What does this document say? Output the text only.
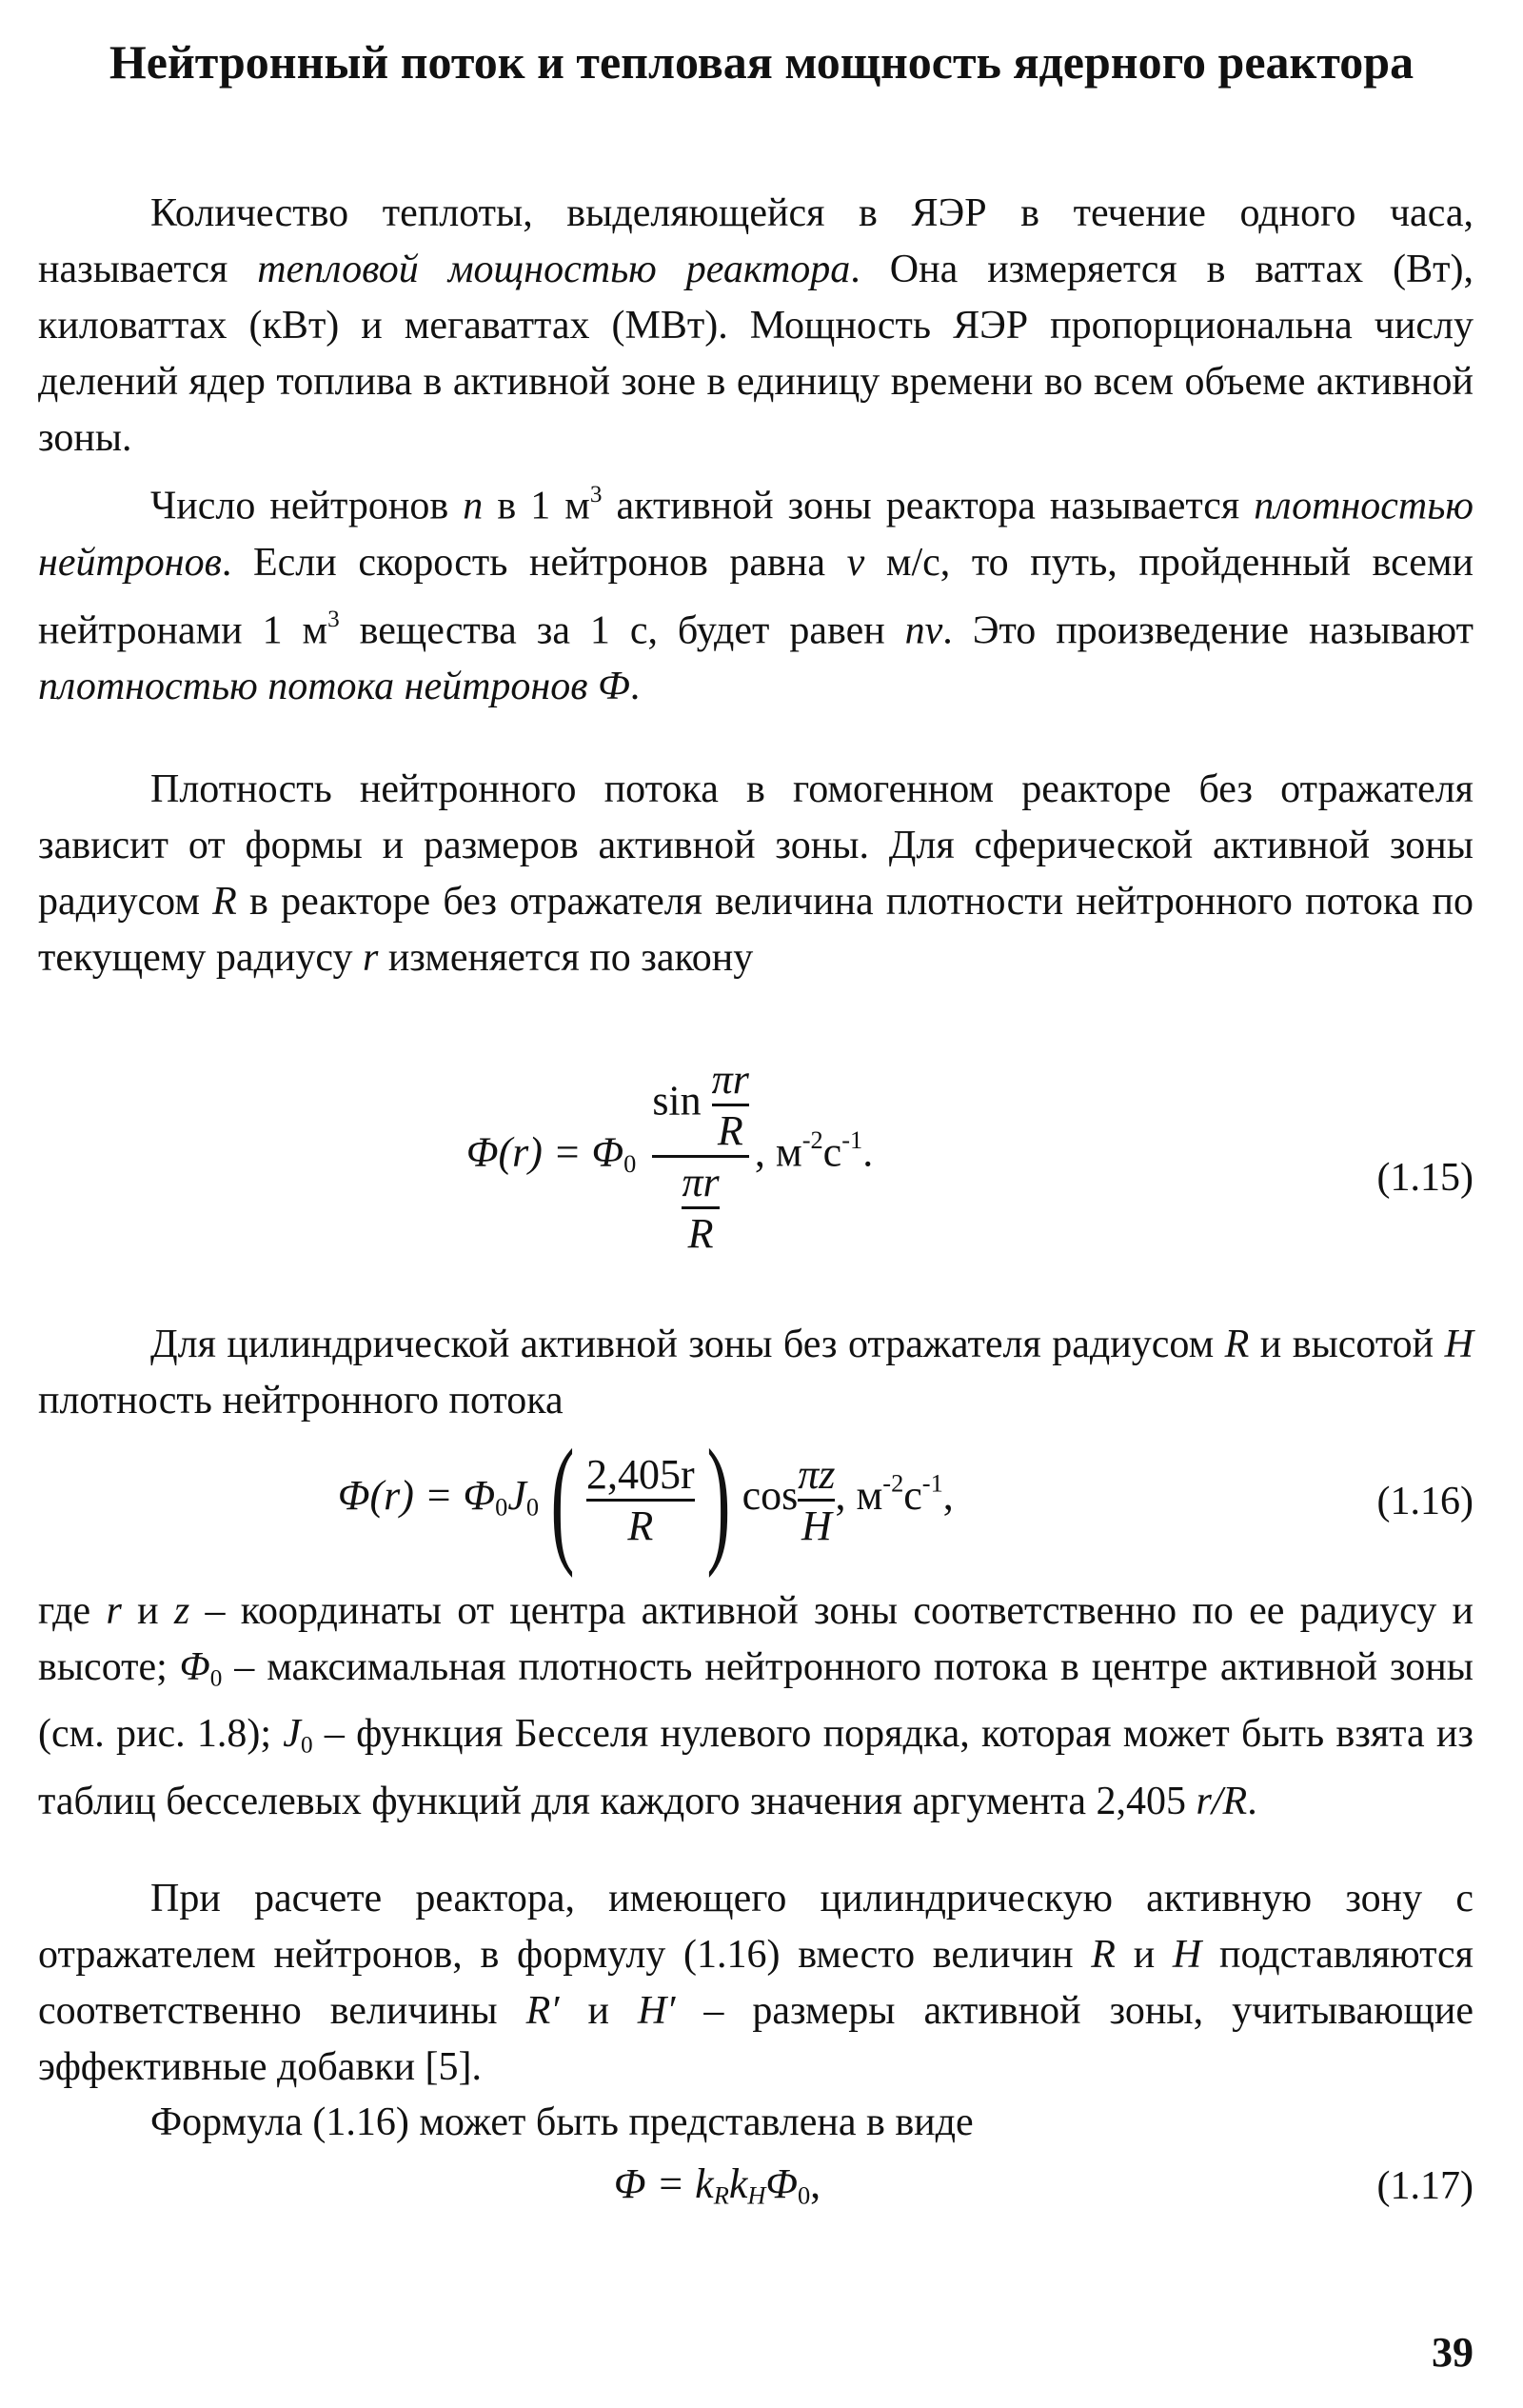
Нейтронный поток и тепловая мощность ядерного реактора

Количество теплоты, выделяющейся в ЯЭР в течение одного часа, называется тепловой мощностью реактора. Она измеряется в ваттах (Вт), киловаттах (кВт) и мегаваттах (МВт). Мощность ЯЭР пропорциональна числу делений ядер топлива в активной зоне в единицу времени во всем объеме активной зоны.

Число нейтронов n в 1 $м^3$ активной зоны реактора называется плотностью нейтронов. Если скорость нейтронов равна v м/с, то путь, пройденный всеми нейтронами 1 $м^3$ вещества за 1 с, будет равен nv. Это произведение называют плотностью потока нейтронов Ф.

Плотность нейтронного потока в гомогенном реакторе без отражателя зависит от формы и размеров активной зоны. Для сферической активной зоны радиусом R в реакторе без отражателя величина плотности нейтронного потока по текущему радиусу r изменяется по закону

$\Phi(r) = \Phi_0 \frac{\sin \frac{\pi r}{R}}{\frac{\pi r}{R}}$ , $м^{-2}с^{-1}$.
(1.15)

Для цилиндрической активной зоны без отражателя радиусом R и высотой H плотность нейтронного потока

$\Phi(r) = \Phi_0J_0( \frac{2,405r}{R}$ ) $\cos \frac{\pi z}{H}$ , $м^{-2}с^{-1}$,	(1.16)

где r и z – координаты от центра активной зоны соответственно по ее радиусу и высоте; $\Phi_0$ – максимальная плотность нейтронного потока в центре активной зоны (см. рис. 1.8); $J_0$ – функция Бесселя нулевого порядка, которая может быть взята из таблиц бесселевых функций для каждого значения аргумента 2,405 r/R.

При расчете реактора, имеющего цилиндрическую активную зону с отражателем нейтронов, в формулу (1.16) вместо величин R и H подставляются соответственно величины R′ и H′ – размеры активной зоны, учитывающие эффективные добавки [5].

Формула (1.16) может быть представлена в виде

$\Phi = k_Rk_H\Phi_0$,	(1.17)
39
